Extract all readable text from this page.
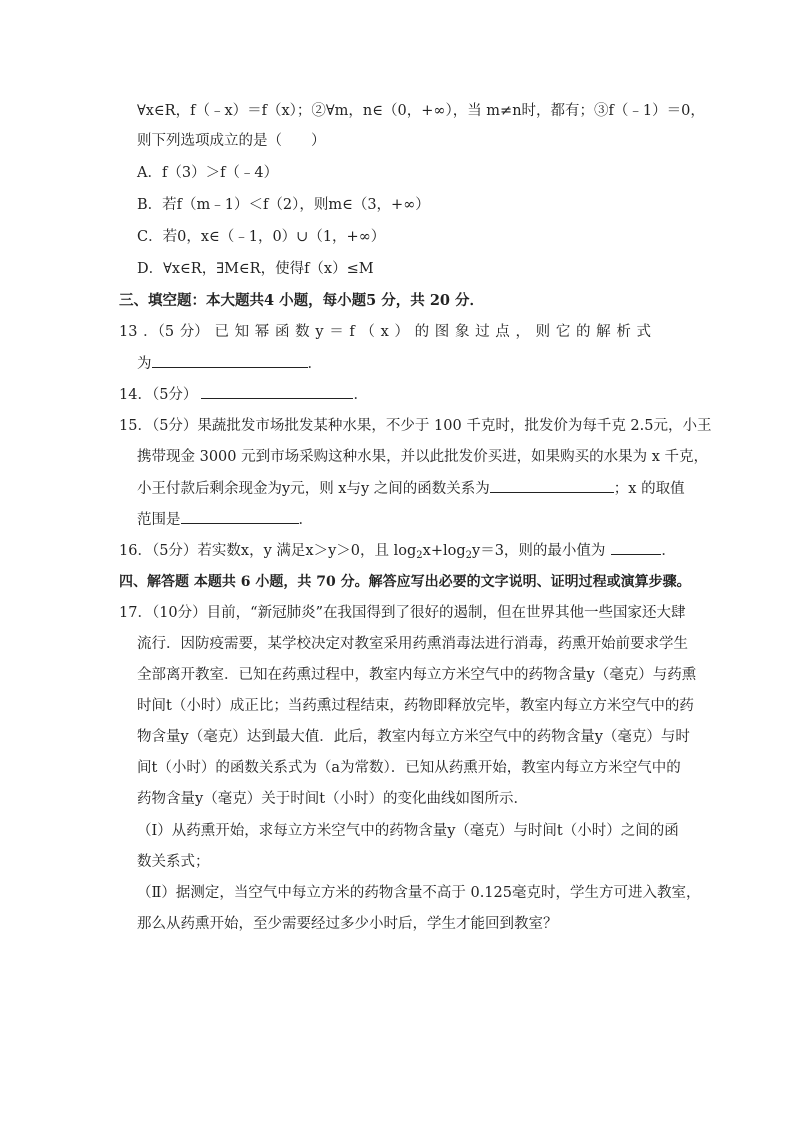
∀x∈R，f（﹣x）＝f（x）；②∀m，n∈（0，+∞），当 m≠n时，都有；③f（﹣1）＝0，
则下列选项成立的是（　　）
A．f（3）＞f（﹣4）
B．若f（m﹣1）＜f（2），则m∈（3，+∞）
C．若0，x∈（﹣1，0）∪（1，+∞）
D．∀x∈R，∃M∈R，使得f（x）≤M
三、填空题：本大题共4 小题，每小题5 分，共 20 分．
13 ．（5 分） 已 知 幂 函 数 y ＝ f （ x ） 的 图 象 过 点 ， 则 它 的 解 析 式
为	．
14．（5分）	．
15．（5分）果蔬批发市场批发某种水果，不少于 100 千克时，批发价为每千克 2.5元，小王
携带现金 3000 元到市场采购这种水果，并以此批发价买进，如果购买的水果为 x 千克，
小王付款后剩余现金为y元，则 x与y 之间的函数关系为	；x 的取值
范围是	．
16．（5分）若实数x，y 满足x＞y＞0，且 $\log_2x+\log_2y=3$，则的最小值为	．
四、解答题 本题共 6 小题，共 70 分。解答应写出必要的文字说明、证明过程或演算步骤。
17．（10分）目前，“新冠肺炎”在我国得到了很好的遏制，但在世界其他一些国家还大肆
流行．因防疫需要，某学校决定对教室采用药熏消毒法进行消毒，药熏开始前要求学生
全部离开教室．已知在药熏过程中，教室内每立方米空气中的药物含量y（毫克）与药熏
时间t（小时）成正比；当药熏过程结束，药物即释放完毕，教室内每立方米空气中的药
物含量y（毫克）达到最大值．此后，教室内每立方米空气中的药物含量y（毫克）与时
间t（小时）的函数关系式为（a为常数）．已知从药熏开始，教室内每立方米空气中的
药物含量y（毫克）关于时间t（小时）的变化曲线如图所示．
（Ⅰ）从药熏开始，求每立方米空气中的药物含量y（毫克）与时间t（小时）之间的函
数关系式；
（Ⅱ）据测定，当空气中每立方米的药物含量不高于 0.125毫克时，学生方可进入教室，
那么从药熏开始，至少需要经过多少小时后，学生才能回到教室？
